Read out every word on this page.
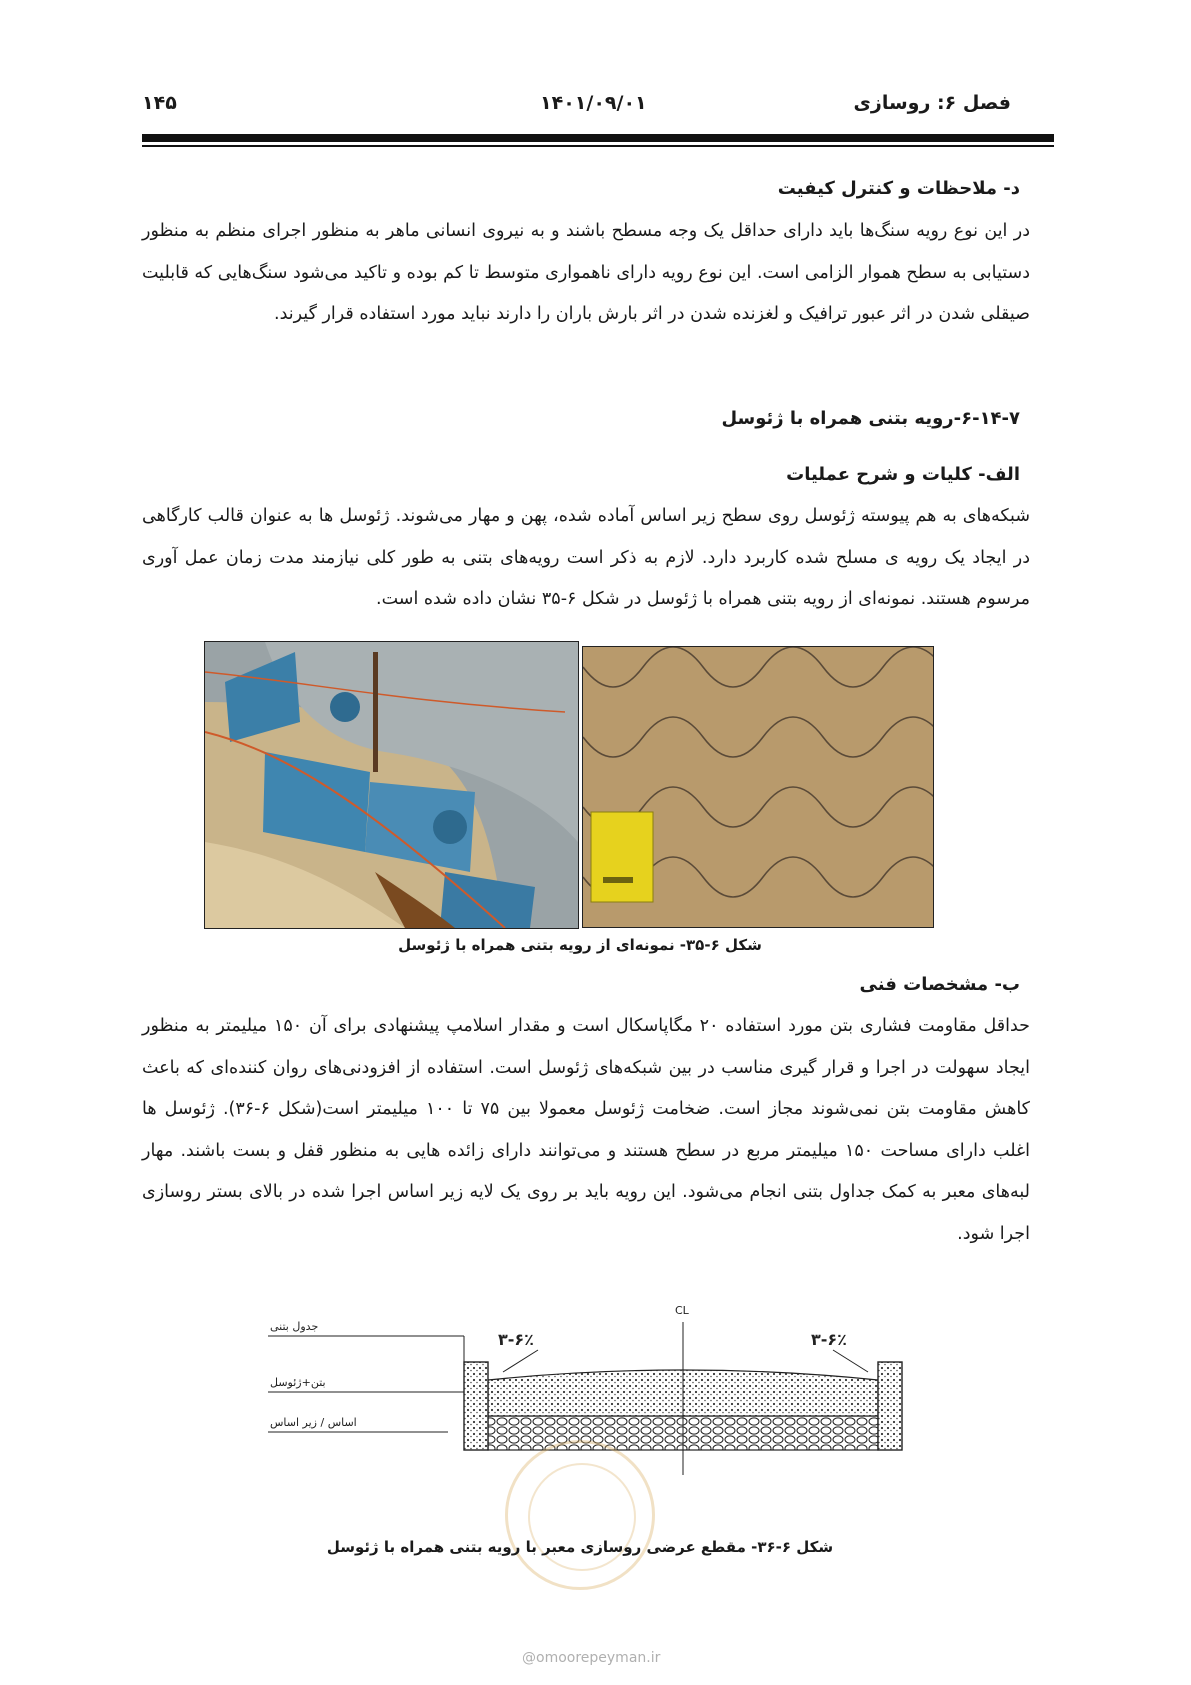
۱۴۵	۱۴۰۱/۰۹/۰۱	فصل ۶: روسازی
د- ملاحظات و کنترل کیفیت
در این نوع رویه سنگ‌ها باید دارای حداقل یک وجه مسطح باشند و به نیروی انسانی ماهر به منظور اجرای منظم به منظور دستیابی به سطح هموار الزامی است. این نوع رویه دارای ناهمواری متوسط تا کم بوده و تاکید می‌شود سنگ‌هایی که قابلیت صیقلی شدن در اثر عبور ترافیک و لغزنده شدن در اثر بارش باران را دارند نباید مورد استفاده قرار گیرند.
۶-۱۴-۷-رویه بتنی همراه با ژئوسل
الف- کلیات و شرح عملیات
شبکه‌های به هم پیوسته ژئوسل روی سطح زیر اساس آماده شده، پهن و مهار می‌شوند. ژئوسل ها به عنوان قالب کارگاهی در ایجاد یک رویه ی مسلح شده کاربرد دارد. لازم به ذکر است رویه‌های بتنی به طور کلی نیازمند مدت زمان عمل آوری مرسوم هستند. نمونه‌ای از رویه بتنی همراه با ژئوسل در شکل ۶-۳۵ نشان داده شده است.
شکل ۶-۳۵- نمونه‌ای از رویه بتنی همراه با ژئوسل
ب- مشخصات فنی
حداقل مقاومت فشاری بتن مورد استفاده ۲۰ مگاپاسکال است و مقدار اسلامپ پیشنهادی برای آن ۱۵۰ میلیمتر به منظور ایجاد سهولت در اجرا و قرار گیری مناسب در بین شبکه‌های ژئوسل است. استفاده از افزودنی‌های روان کننده‌ای که باعث کاهش مقاومت بتن نمی‌شوند مجاز است. ضخامت ژئوسل معمولا بین ۷۵ تا ۱۰۰ میلیمتر است(شکل ۶-۳۶). ژئوسل ها اغلب دارای مساحت ۱۵۰ میلیمتر مربع در سطح هستند و می‌توانند دارای زائده هایی به منظور قفل و بست باشند. مهار لبه‌های معبر به کمک جداول بتنی انجام می‌شود. این رویه باید بر روی یک لایه زیر اساس اجرا شده در بالای بستر روسازی اجرا شود.
جدول بتنی
بتن+ژئوسل
اساس / زیر اساس
CL
۳-۶٪	۳-۶٪
شکل ۶-۳۶- مقطع عرضی روسازی معبر با رویه بتنی همراه با ژئوسل
@omoorepeyman.ir
